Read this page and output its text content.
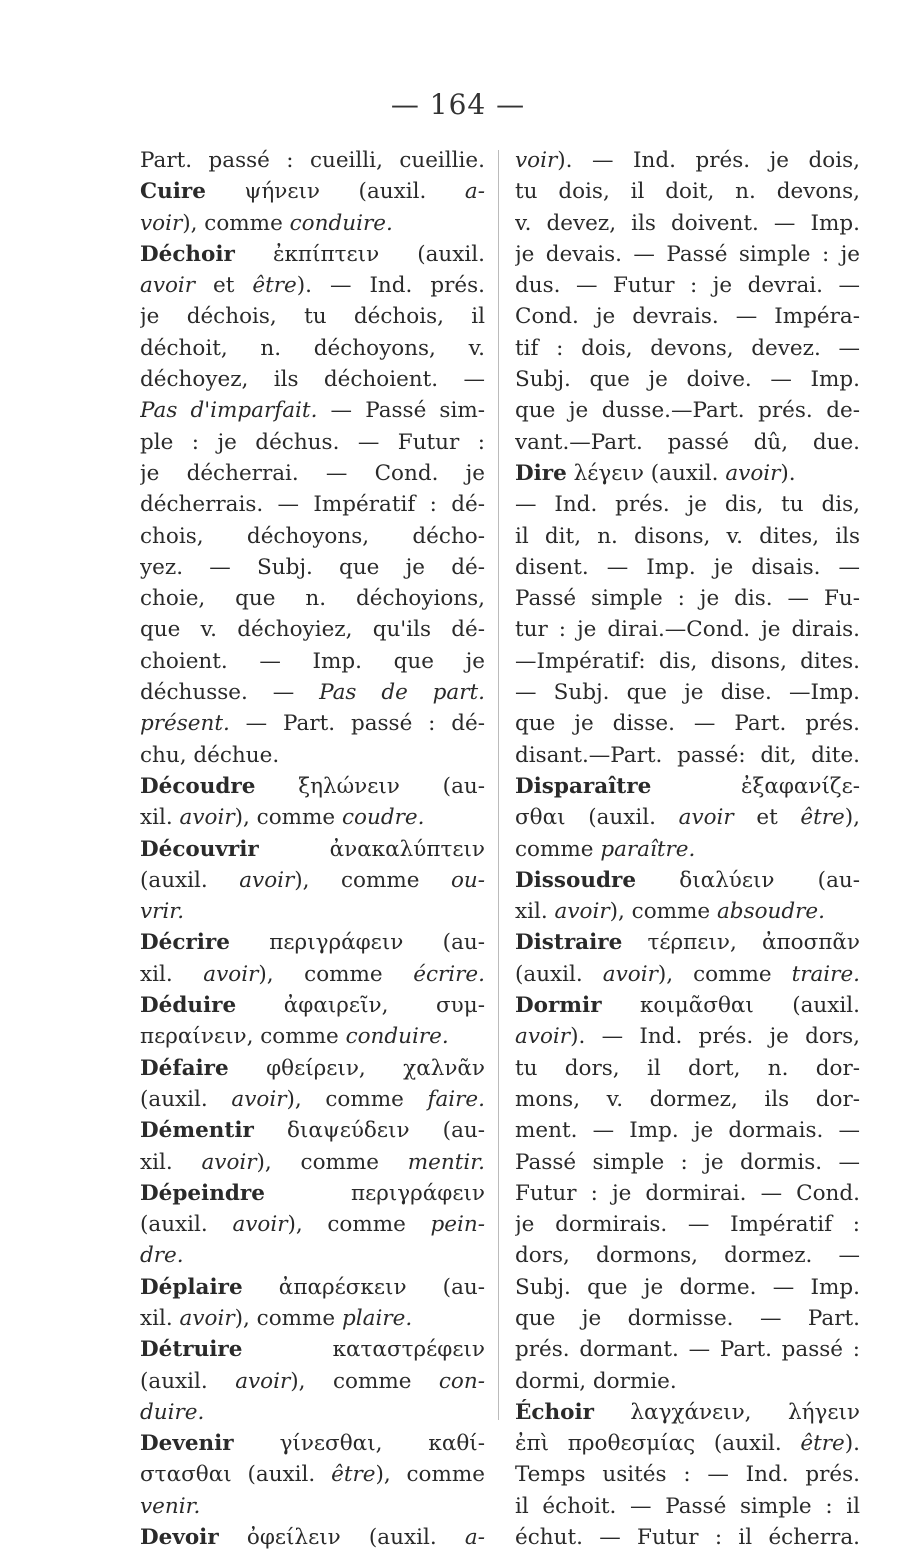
— 164 —
Part. passé : cueilli, cueillie.
Cuire ψήνειν (auxil. a-
voir), comme conduire.
Déchoir ἐκπίπτειν (auxil.
avoir et être). — Ind. prés.
je déchois, tu déchois, il
déchoit, n. déchoyons, v.
déchoyez, ils déchoient. —
Pas d'imparfait. — Passé sim-
ple : je déchus. — Futur :
je décherrai. — Cond. je
décherrais. — Impératif : dé-
chois, déchoyons, décho-
yez. — Subj. que je dé-
choie, que n. déchoyions,
que v. déchoyiez, qu'ils dé-
choient. — Imp. que je
déchusse. — Pas de part.
présent. — Part. passé : dé-
chu, déchue.
Découdre ξηλώνειν (au-
xil. avoir), comme coudre.
Découvrir ἀνακαλύπτειν
(auxil. avoir), comme ou-
vrir.
Décrire περιγράφειν (au-
xil. avoir), comme écrire.
Déduire ἀφαιρεῖν, συμ-
περαίνειν, comme conduire.
Défaire φθείρειν, χαλνᾶν
(auxil. avoir), comme faire.
Démentir διαψεύδειν (au-
xil. avoir), comme mentir.
Dépeindre περιγράφειν
(auxil. avoir), comme pein-
dre.
Déplaire ἀπαρέσκειν (au-
xil. avoir), comme plaire.
Détruire καταστρέφειν
(auxil. avoir), comme con-
duire.
Devenir γίνεσθαι, καθί-
στασθαι (auxil. être), comme
venir.
Devoir ὀφείλειν (auxil. a-
voir). — Ind. prés. je dois,
tu dois, il doit, n. devons,
v. devez, ils doivent. — Imp.
je devais. — Passé simple : je
dus. — Futur : je devrai. —
Cond. je devrais. — Impéra-
tif : dois, devons, devez. —
Subj. que je doive. — Imp.
que je dusse.—Part. prés. de-
vant.—Part. passé dû, due.
Dire λέγειν (auxil. avoir).
— Ind. prés. je dis, tu dis,
il dit, n. disons, v. dites, ils
disent. — Imp. je disais. —
Passé simple : je dis. — Fu-
tur : je dirai.—Cond. je dirais.
—Impératif: dis, disons, dites.
— Subj. que je dise. —Imp.
que je disse. — Part. prés.
disant.—Part. passé: dit, dite.
Disparaître ἐξαφανίζε-
σθαι (auxil. avoir et être),
comme paraître.
Dissoudre διαλύειν (au-
xil. avoir), comme absoudre.
Distraire τέρπειν, ἀποσπᾶν
(auxil. avoir), comme traire.
Dormir κοιμᾶσθαι (auxil.
avoir). — Ind. prés. je dors,
tu dors, il dort, n. dor-
mons, v. dormez, ils dor-
ment. — Imp. je dormais. —
Passé simple : je dormis. —
Futur : je dormirai. — Cond.
je dormirais. — Impératif :
dors, dormons, dormez. —
Subj. que je dorme. — Imp.
que je dormisse. — Part.
prés. dormant. — Part. passé :
dormi, dormie.
Échoir λαγχάνειν, λήγειν
ἐπὶ προθεσμίας (auxil. être).
Temps usités : — Ind. prés.
il échoit. — Passé simple : il
échut. — Futur : il écherra.
